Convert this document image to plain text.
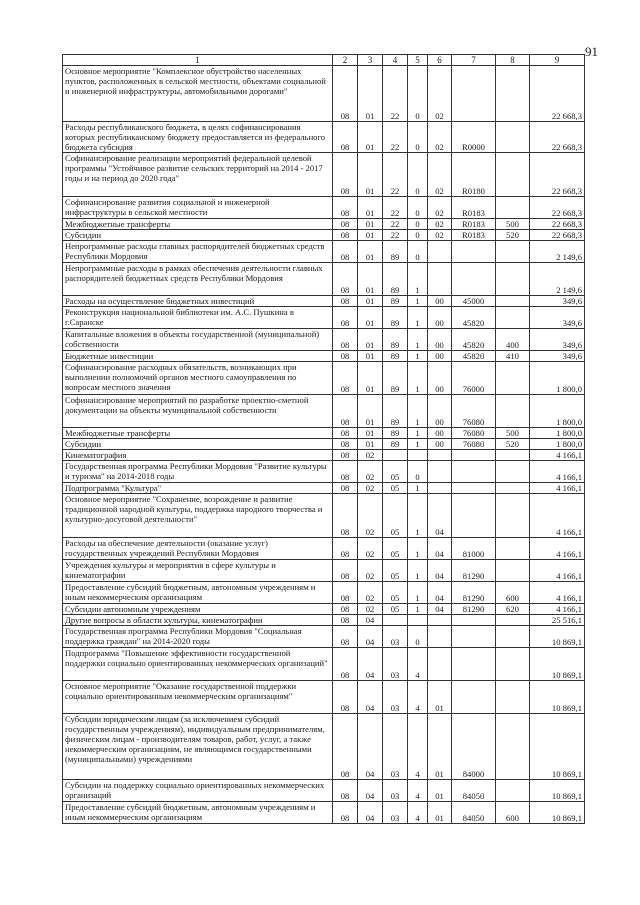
91
1	2	3	4	5	6	7	8	9
Основное мероприятие "Комплексное обустройство населенных пунктов, расположенных в сельской местности, объектами социальной и инженерной инфраструктуры, автомобильными дорогами"	08	01	22	0	02			22 668,3
Расходы республиканского бюджета, в целях софинансирования которых республиканскому бюджету предоставляется из федерального бюджета субсидия	08	01	22	0	02	R0000		22 668,3
Софинансирование реализации мероприятий федеральной целевой программы "Устойчивое развитие сельских территорий на 2014 - 2017 годы и на период до 2020 года"	08	01	22	0	02	R0180		22 668,3
Софинансирование развития социальной и инженерной инфраструктуры в сельской местности	08	01	22	0	02	R0183		22 668,3
Межбюджетные трансферты	08	01	22	0	02	R0183	500	22 668,3
Субсидии	08	01	22	0	02	R0183	520	22 668,3
Непрограммные расходы главных распорядителей бюджетных средств Республики Мордовия	08	01	89	0				2 149,6
Непрограммные расходы в рамках обеспечения деятельности главных распорядителей бюджетных средств Республики Мордовия	08	01	89	1				2 149,6
Расходы на осуществление бюджетных инвестиций	08	01	89	1	00	45000		349,6
Реконструкция национальной библиотеки им. А.С. Пушкина в г.Саранске	08	01	89	1	00	45820		349,6
Капитальные вложения в объекты государственной (муниципальной) собственности	08	01	89	1	00	45820	400	349,6
Бюджетные инвестиции	08	01	89	1	00	45820	410	349,6
Софинансирование расходных обязательств, возникающих при выполнении полномочий органов местного самоуправления по вопросам местного значения	08	01	89	1	00	76000		1 800,0
Софинансирование мероприятий по разработке проектно-сметной документации на объекты муниципальной собственности	08	01	89	1	00	76080		1 800,0
Межбюджетные трансферты	08	01	89	1	00	76080	500	1 800,0
Субсидии	08	01	89	1	00	76080	520	1 800,0
Кинематография	08	02						4 166,1
Государственная программа Республики Мордовия "Развитие культуры и туризма" на 2014-2018 годы	08	02	05	0				4 166,1
Подпрограмма "Культура"	08	02	05	1				4 166,1
Основное мероприятие "Сохранение, возрождение и развитие традиционной народной культуры, поддержка народного творчества и культурно-досуговой деятельности"	08	02	05	1	04			4 166,1
Расходы на обеспечение деятельности (оказание услуг) государственных учреждений Республики Мордовия	08	02	05	1	04	81000		4 166,1
Учреждения культуры и мероприятия в сфере культуры и кинематографии	08	02	05	1	04	81290		4 166,1
Предоставление субсидий бюджетным, автономным учреждениям и иным некоммерческим организациям	08	02	05	1	04	81290	600	4 166,1
Субсидии автономным учреждениям	08	02	05	1	04	81290	620	4 166,1
Другие вопросы в области культуры, кинематографии	08	04						25 516,1
Государственная программа Республики Мордовия "Социальная поддержка граждан" на 2014-2020 годы	08	04	03	0				10 869,1
Подпрограмма "Повышение эффективности государственной поддержки социально ориентированных некоммерческих организаций"	08	04	03	4				10 869,1
Основное мероприятие "Оказание государственной поддержки социально ориентированным некоммерческим организациям"	08	04	03	4	01			10 869,1
Субсидии юридическим лицам (за исключением субсидий государственным учреждениям), индивидуальным предпринимателям, физическим лицам - производителям товаров, работ, услуг, а также некоммерческим организациям, не являющимся государственными (муниципальными) учреждениями	08	04	03	4	01	84000		10 869,1
Субсидии на поддержку социально ориентированных некоммерческих организаций	08	04	03	4	01	84050		10 869,1
Предоставление субсидий бюджетным, автономным учреждениям и иным некоммерческим организациям	08	04	03	4	01	84050	600	10 869,1
